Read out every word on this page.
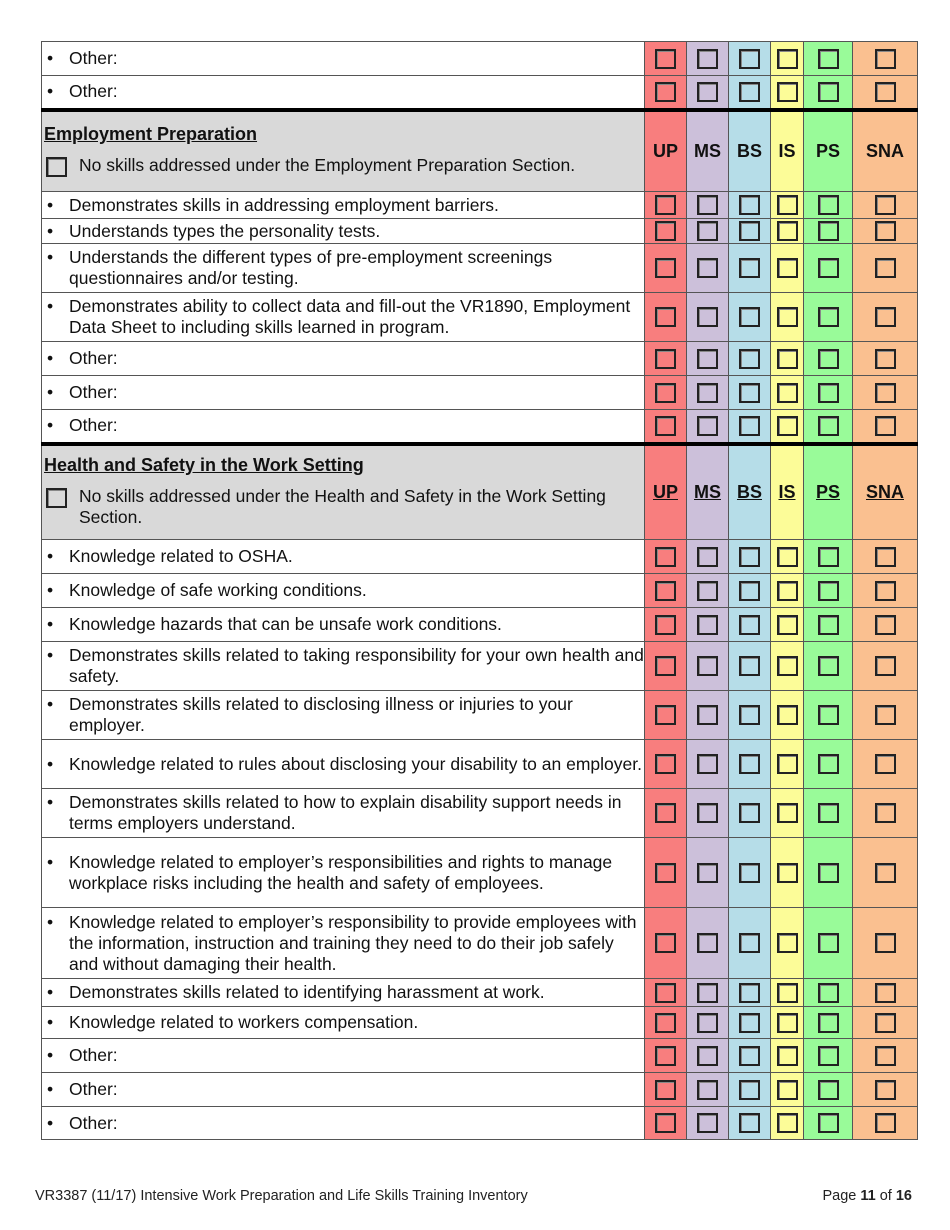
• Other:						

• Other:						

Employment Preparation
No skills addressed under the Employment Preparation Section.	UP	MS	BS	IS	PS	SNA

• Demonstrates skills in addressing employment barriers.						

• Understands types the personality tests.						

• Understands the different types of pre-employment screenings questionnaires and/or testing.						

• Demonstrates ability to collect data and fill-out the VR1890, Employment Data Sheet to including skills learned in program.						

• Other:						

• Other:						

• Other:						

Health and Safety in the Work Setting
No skills addressed under the Health and Safety in the Work Setting Section.	UP	MS	BS	IS	PS	SNA

• Knowledge related to OSHA.						

• Knowledge of safe working conditions.						

• Knowledge hazards that can be unsafe work conditions.						

• Demonstrates skills related to taking responsibility for your own health and safety.						

• Demonstrates skills related to disclosing illness or injuries to your employer.						

• Knowledge related to rules about disclosing your disability to an employer.						

• Demonstrates skills related to how to explain disability support needs in terms employers understand.						

• Knowledge related to employer’s responsibilities and rights to manage workplace risks including the health and safety of employees.						

• Knowledge related to employer’s responsibility to provide employees with the information, instruction and training they need to do their job safely and without damaging their health.						

• Demonstrates skills related to identifying harassment at work.						

• Knowledge related to workers compensation.						

• Other:						

• Other:						

• Other:						

VR3387 (11/17) Intensive Work Preparation and Life Skills Training Inventory	Page 11 of 16
